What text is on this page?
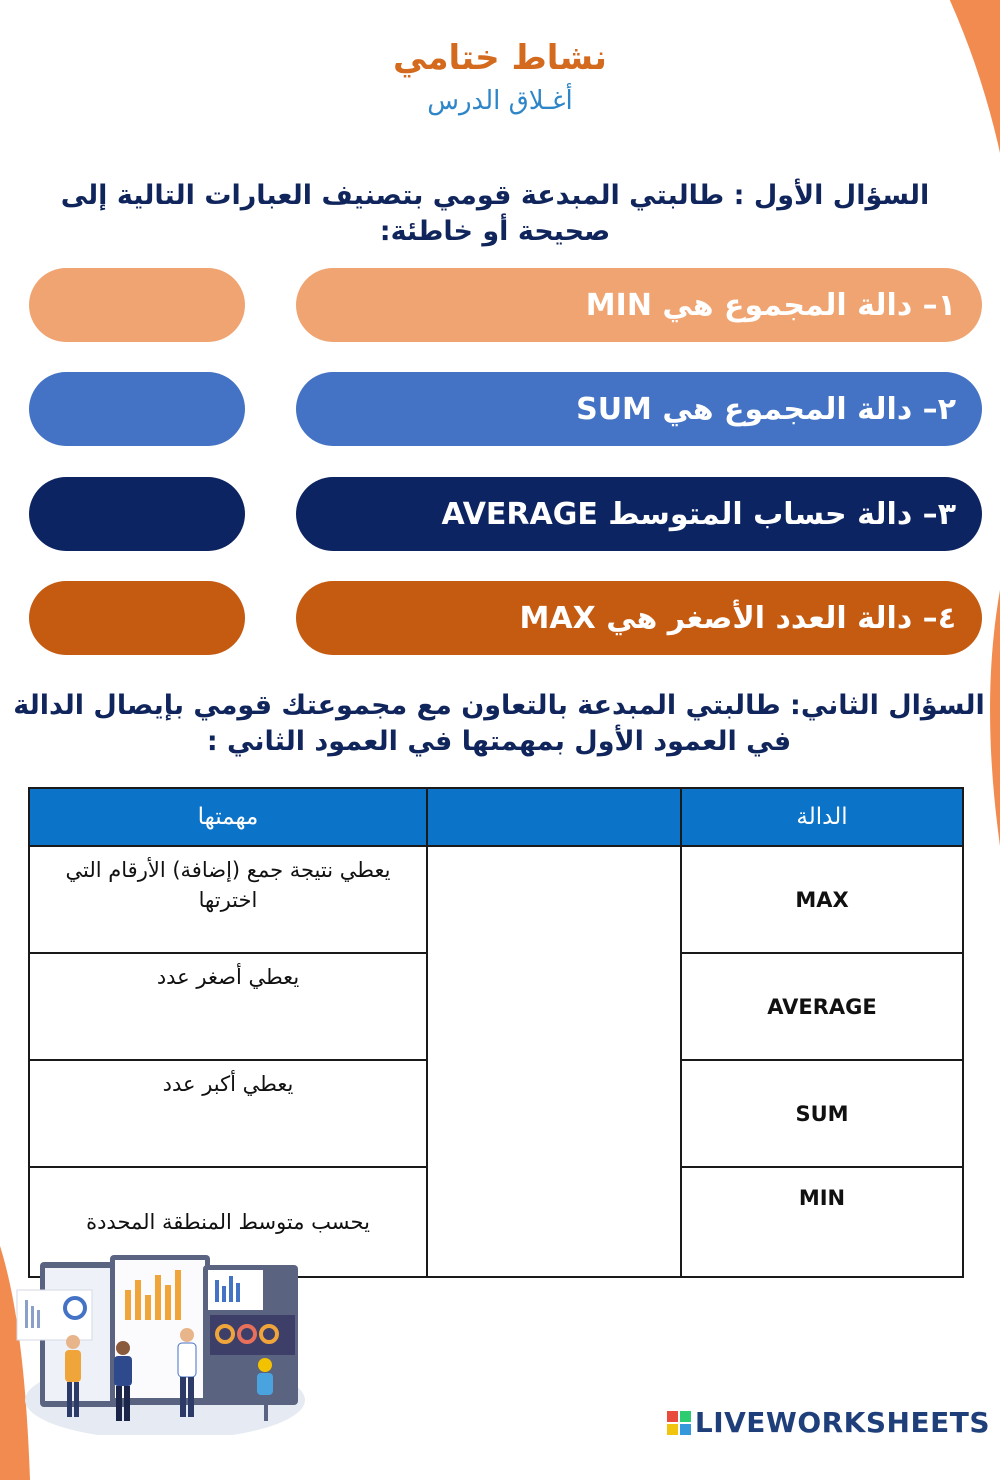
نشاط ختامي
أغـلاق الدرس
السؤال الأول : طالبتي المبدعة قومي بتصنيف العبارات التالية إلى صحيحة أو خاطئة:
١– دالة المجموع هي MIN
٢– دالة المجموع هي SUM
٣– دالة حساب المتوسط AVERAGE
٤– دالة العدد الأصغر هي MAX
السؤال الثاني: طالبتي المبدعة بالتعاون مع مجموعتك قومي بإيصال الدالة في العمود الأول بمهمتها في العمود الثاني :
مهمتها		الدالة
يعطي نتيجة جمع (إضافة) الأرقام التي اخترتها		MAX
يعطي أصغر عدد		AVERAGE
يعطي أكبر عدد		SUM
يحسب متوسط المنطقة المحددة		MIN
LIVEWORKSHEETS
